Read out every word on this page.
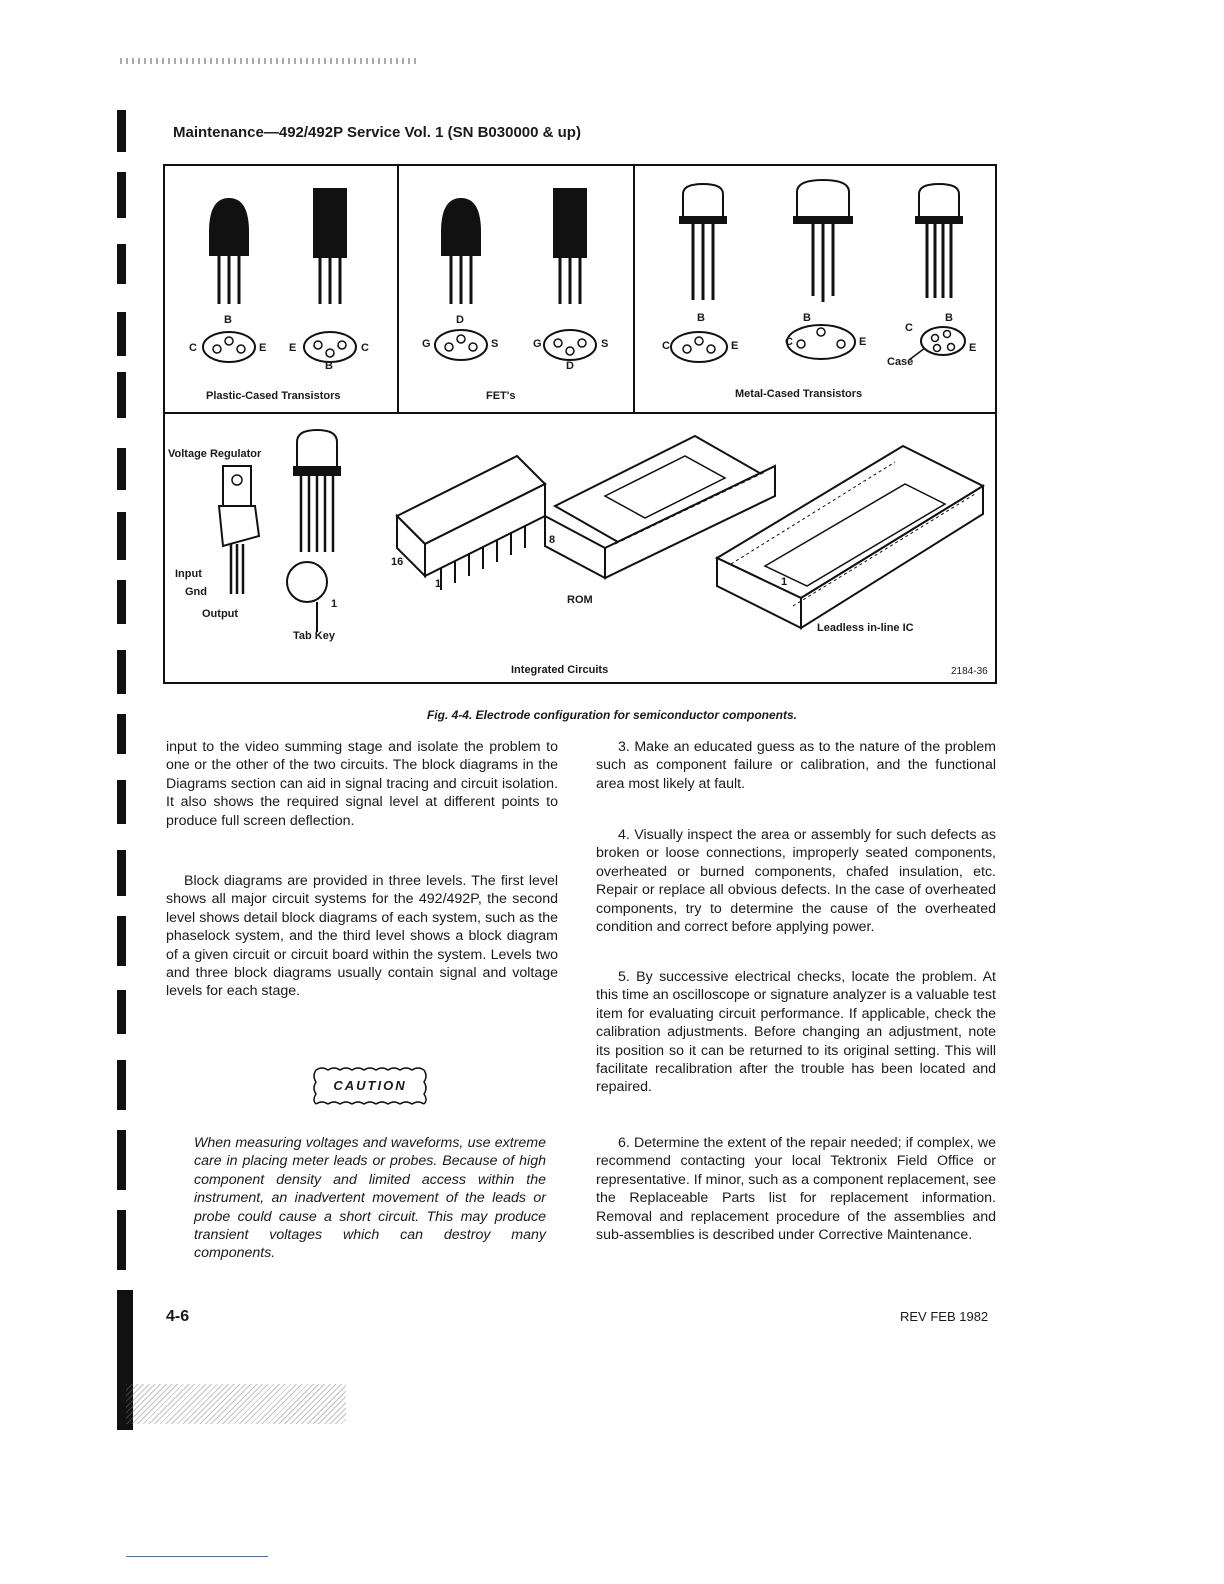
Maintenance—492/492P Service Vol. 1 (SN B030000 & up)
Plastic-Cased Transistors	FET's	Metal-Cased Transistors
Integrated Circuits
B
C	E E	C
B
D
G	S	G	S
D
B
C	E
B
C	E
C
B
E
Case
Voltage Regulator
Input
Gnd
Output
Tab Key
1
16
8
1
ROM
Leadless in-line IC
1
2184-36
Fig. 4-4. Electrode configuration for semiconductor components.

input to the video summing stage and isolate the problem to one or the other of the two circuits. The block diagrams in the Diagrams section can aid in signal tracing and circuit isolation. It also shows the required signal level at different points to produce full screen deflection.

Block diagrams are provided in three levels. The first level shows all major circuit systems for the 492/492P, the second level shows detail block diagrams of each system, such as the phaselock system, and the third level shows a block diagram of a given circuit or circuit board within the system. Levels two and three block diagrams usually contain signal and voltage levels for each stage.

CAUTION

When measuring voltages and waveforms, use extreme care in placing meter leads or probes. Because of high component density and limited access within the instrument, an inadvertent movement of the leads or probe could cause a short circuit. This may produce transient voltages which can destroy many components.

3. Make an educated guess as to the nature of the problem such as component failure or calibration, and the functional area most likely at fault.

4. Visually inspect the area or assembly for such defects as broken or loose connections, improperly seated components, overheated or burned components, chafed insulation, etc. Repair or replace all obvious defects. In the case of overheated components, try to determine the cause of the overheated condition and correct before applying power.

5. By successive electrical checks, locate the problem. At this time an oscilloscope or signature analyzer is a valuable test item for evaluating circuit performance. If applicable, check the calibration adjustments. Before changing an adjustment, note its position so it can be returned to its original setting. This will facilitate recalibration after the trouble has been located and repaired.

6. Determine the extent of the repair needed; if complex, we recommend contacting your local Tektronix Field Office or representative. If minor, such as a component replacement, see the Replaceable Parts list for replacement information. Removal and replacement procedure of the assemblies and sub-assemblies is described under Corrective Maintenance.

4-6	REV FEB 1982
